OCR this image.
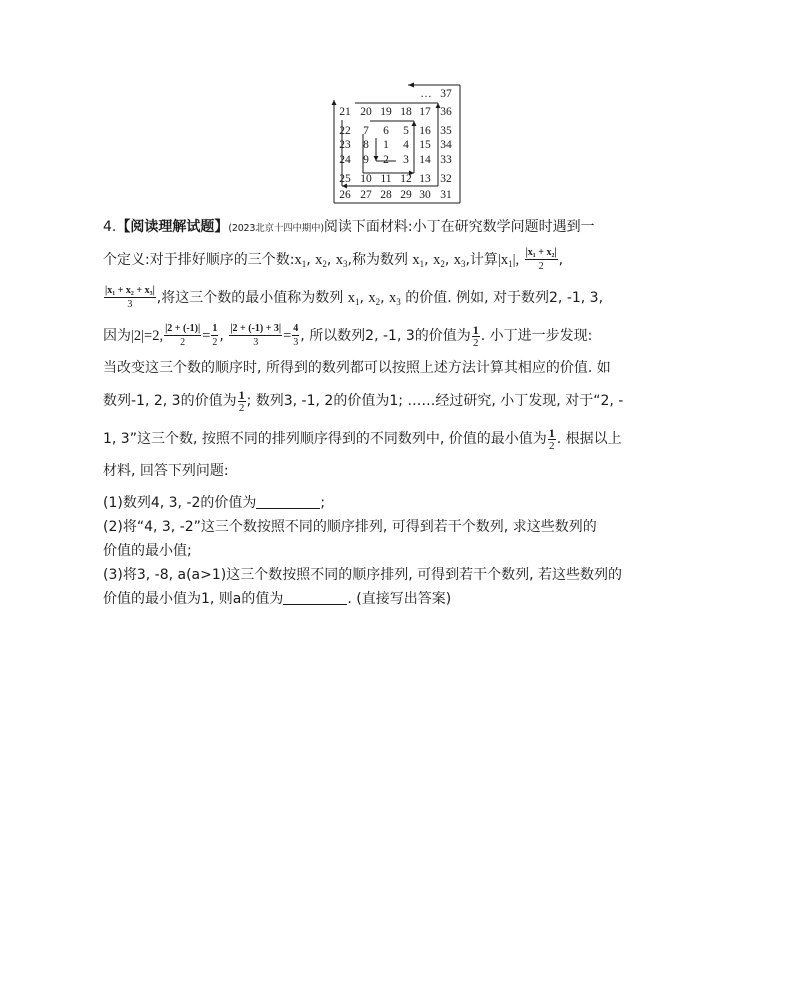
… 37
21 20 19 18 17 36
22 7 6 5 16 35
23 8 1 4 15 34
24 9 2 3 14 33
25 10 11 12 13 32
26 27 28 29 30 31
4.【阅读理解试题】(2023北京十四中期中)阅读下面材料:小丁在研究数学问题时遇到一
个定义:对于排好顺序的三个数$:x_1$, $x_2$, $x_3$,称为数列 $x_1$, $x_2$, $x_3$,计算$|x_1|$, $\frac{\text{|x₁ + x₂|}}{2}$ ,
$\frac{\text{|x₁ + x₂ + x₃|}}{3}$ ,将这三个数的最小值称为数列 $x_1$, $x_2$, $x_3$ 的价值. 例如, 对于数列2, -1, 3,
因为|2|=2, $\frac{|2 + (-1)|}{2} = \frac{1}{2}$ , $\frac{|2 + (-1) + 3|}{3} = \frac{4}{3}$ , 所以数列2, -1, 3的价值为 $\frac{1}{2}$ . 小丁进一步发现:
当改变这三个数的顺序时, 所得到的数列都可以按照上述方法计算其相应的价值. 如
数列-1, 2, 3的价值为 $\frac{1}{2}$ ; 数列3, -1, 2的价值为1; ……经过研究, 小丁发现, 对于“2, -
1, 3”这三个数, 按照不同的排列顺序得到的不同数列中, 价值的最小值为 $\frac{1}{2}$ . 根据以上
材料, 回答下列问题:
(1)数列4, 3, -2的价值为	;
(2)将“4, 3, -2”这三个数按照不同的顺序排列, 可得到若干个数列, 求这些数列的
价值的最小值;
(3)将3, -8, a(a>1)这三个数按照不同的顺序排列, 可得到若干个数列, 若这些数列的
价值的最小值为1, 则a的值为	. (直接写出答案)
